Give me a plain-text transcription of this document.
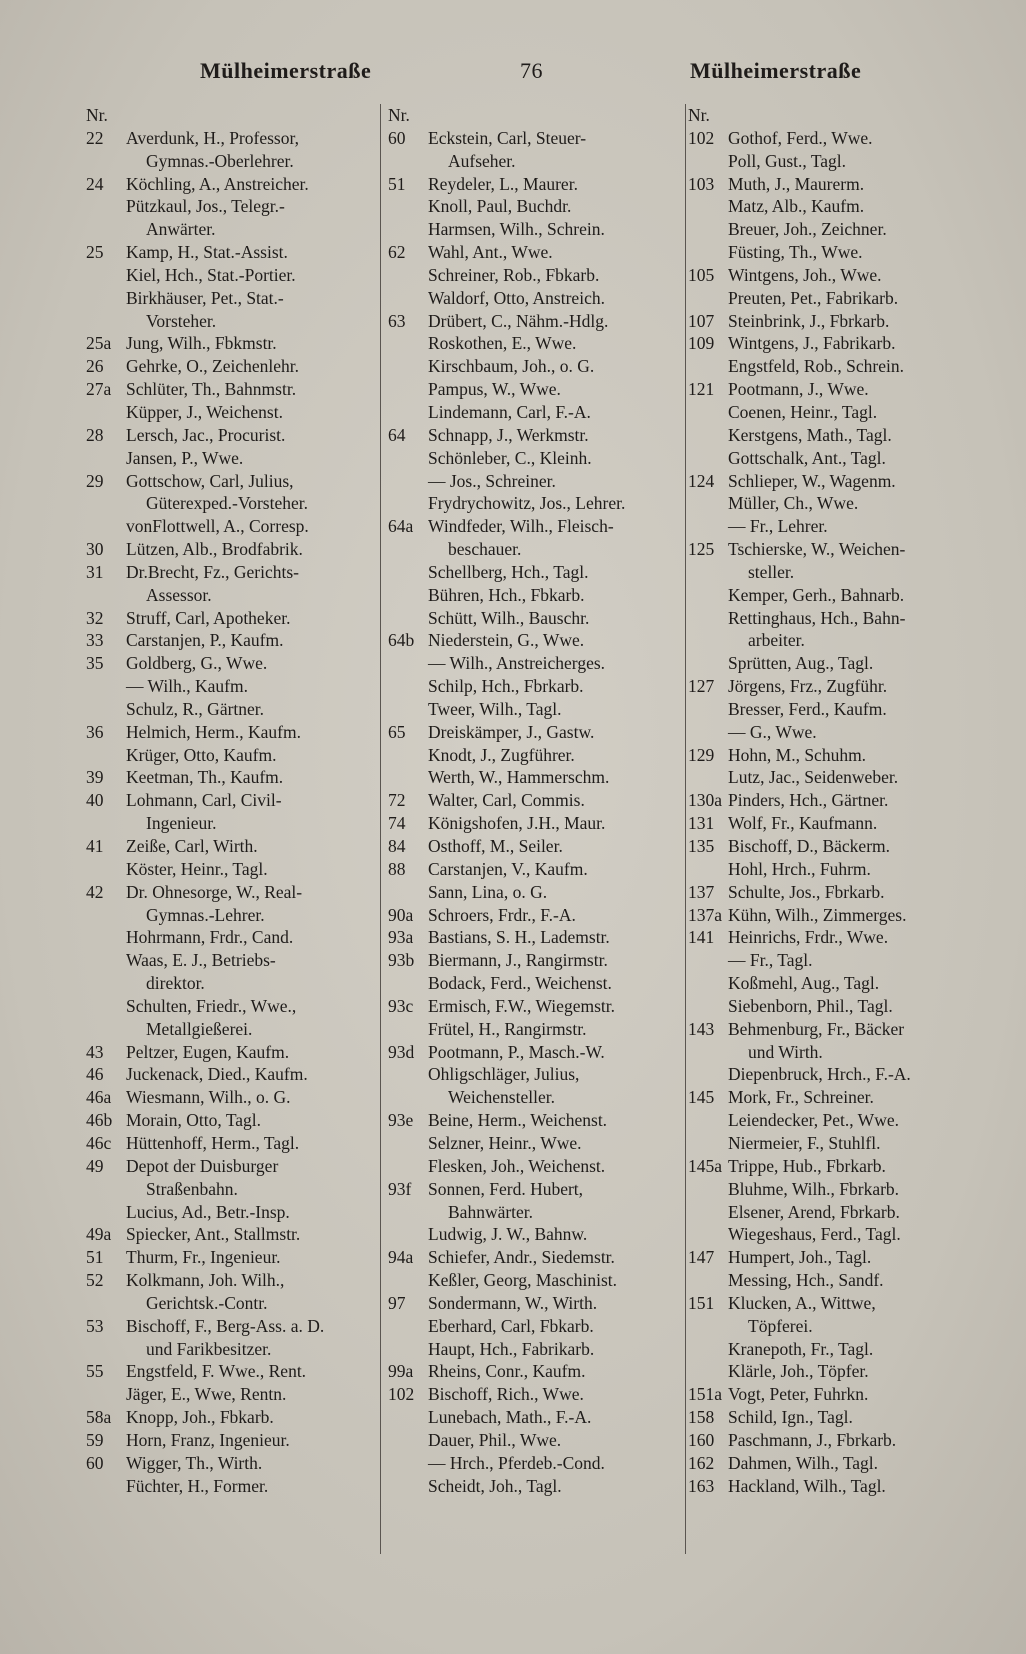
Mülheimerstraße	76	Mülheimerstraße
Nr.
22	Averdunk, H., Professor,
Gymnas.-Oberlehrer.
24	Köchling, A., Anstreicher.
Pützkaul, Jos., Telegr.-
Anwärter.
25	Kamp, H., Stat.-Assist.
Kiel, Hch., Stat.-Portier.
Birkhäuser, Pet., Stat.-
Vorsteher.
25a Jung, Wilh., Fbkmstr.
26	Gehrke, O., Zeichenlehr.
27a Schlüter, Th., Bahnmstr.
Küpper, J., Weichenst.
28	Lersch, Jac., Procurist.
Jansen, P., Wwe.
29	Gottschow, Carl, Julius,
Güterexped.-Vorsteher.
vonFlottwell, A., Corresp.
30	Lützen, Alb., Brodfabrik.
31	Dr.Brecht, Fz., Gerichts-
Assessor.
32	Struff, Carl, Apotheker.
33	Carstanjen, P., Kaufm.
35	Goldberg, G., Wwe.
— Wilh., Kaufm.
Schulz, R., Gärtner.
36	Helmich, Herm., Kaufm.
Krüger, Otto, Kaufm.
39	Keetman, Th., Kaufm.
40	Lohmann, Carl, Civil-
Ingenieur.
41	Zeiße, Carl, Wirth.
Köster, Heinr., Tagl.
42	Dr. Ohnesorge, W., Real-
Gymnas.-Lehrer.
Hohrmann, Frdr., Cand.
Waas, E. J., Betriebs-
direktor.
Schulten, Friedr., Wwe.,
Metallgießerei.
43	Peltzer, Eugen, Kaufm.
46	Juckenack, Died., Kaufm.
46a Wiesmann, Wilh., o. G.
46b Morain, Otto, Tagl.
46c Hüttenhoff, Herm., Tagl.
49	Depot der Duisburger
Straßenbahn.
Lucius, Ad., Betr.-Insp.
49a Spiecker, Ant., Stallmstr.
51	Thurm, Fr., Ingenieur.
52	Kolkmann, Joh. Wilh.,
Gerichtsk.-Contr.
53	Bischoff, F., Berg-Ass. a. D.
und Farikbesitzer.
55	Engstfeld, F. Wwe., Rent.
Jäger, E., Wwe, Rentn.
58a Knopp, Joh., Fbkarb.
59	Horn, Franz, Ingenieur.
60	Wigger, Th., Wirth.
Füchter, H., Former.
Nr.
60	Eckstein, Carl, Steuer-
Aufseher.
51	Reydeler, L., Maurer.
Knoll, Paul, Buchdr.
Harmsen, Wilh., Schrein.
62	Wahl, Ant., Wwe.
Schreiner, Rob., Fbkarb.
Waldorf, Otto, Anstreich.
63	Drübert, C., Nähm.-Hdlg.
Roskothen, E., Wwe.
Kirschbaum, Joh., o. G.
Pampus, W., Wwe.
Lindemann, Carl, F.-A.
64	Schnapp, J., Werkmstr.
Schönleber, C., Kleinh.
— Jos., Schreiner.
Frydrychowitz, Jos., Lehrer.
64a Windfeder, Wilh., Fleisch-
beschauer.
Schellberg, Hch., Tagl.
Bühren, Hch., Fbkarb.
Schütt, Wilh., Bauschr.
64b Niederstein, G., Wwe.
— Wilh., Anstreicherges.
Schilp, Hch., Fbrkarb.
Tweer, Wilh., Tagl.
65	Dreiskämper, J., Gastw.
Knodt, J., Zugführer.
Werth, W., Hammerschm.
72	Walter, Carl, Commis.
74	Königshofen, J.H., Maur.
84	Osthoff, M., Seiler.
88	Carstanjen, V., Kaufm.
Sann, Lina, o. G.
90a Schroers, Frdr., F.-A.
93a Bastians, S. H., Lademstr.
93b Biermann, J., Rangirmstr.
Bodack, Ferd., Weichenst.
93c Ermisch, F.W., Wiegemstr.
Frütel, H., Rangirmstr.
93d Pootmann, P., Masch.-W.
Ohligschläger, Julius,
Weichensteller.
93e Beine, Herm., Weichenst.
Selzner, Heinr., Wwe.
Flesken, Joh., Weichenst.
93f Sonnen, Ferd. Hubert,
Bahnwärter.
Ludwig, J. W., Bahnw.
94a Schiefer, Andr., Siedemstr.
Keßler, Georg, Maschinist.
97	Sondermann, W., Wirth.
Eberhard, Carl, Fbkarb.
Haupt, Hch., Fabrikarb.
99a Rheins, Conr., Kaufm.
102 Bischoff, Rich., Wwe.
Lunebach, Math., F.-A.
Dauer, Phil., Wwe.
— Hrch., Pferdeb.-Cond.
Scheidt, Joh., Tagl.
Nr.
102 Gothof, Ferd., Wwe.
Poll, Gust., Tagl.
103 Muth, J., Maurerm.
Matz, Alb., Kaufm.
Breuer, Joh., Zeichner.
Füsting, Th., Wwe.
105 Wintgens, Joh., Wwe.
Preuten, Pet., Fabrikarb.
107 Steinbrink, J., Fbrkarb.
109 Wintgens, J., Fabrikarb.
Engstfeld, Rob., Schrein.
121 Pootmann, J., Wwe.
Coenen, Heinr., Tagl.
Kerstgens, Math., Tagl.
Gottschalk, Ant., Tagl.
124 Schlieper, W., Wagenm.
Müller, Ch., Wwe.
— Fr., Lehrer.
125 Tschierske, W., Weichen-
steller.
Kemper, Gerh., Bahnarb.
Rettinghaus, Hch., Bahn-
arbeiter.
Sprütten, Aug., Tagl.
127 Jörgens, Frz., Zugführ.
Bresser, Ferd., Kaufm.
— G., Wwe.
129 Hohn, M., Schuhm.
Lutz, Jac., Seidenweber.
130a Pinders, Hch., Gärtner.
131 Wolf, Fr., Kaufmann.
135 Bischoff, D., Bäckerm.
Hohl, Hrch., Fuhrm.
137 Schulte, Jos., Fbrkarb.
137a Kühn, Wilh., Zimmerges.
141 Heinrichs, Frdr., Wwe.
— Fr., Tagl.
Koßmehl, Aug., Tagl.
Siebenborn, Phil., Tagl.
143 Behmenburg, Fr., Bäcker
und Wirth.
Diepenbruck, Hrch., F.-A.
145 Mork, Fr., Schreiner.
Leiendecker, Pet., Wwe.
Niermeier, F., Stuhlfl.
145a Trippe, Hub., Fbrkarb.
Bluhme, Wilh., Fbrkarb.
Elsener, Arend, Fbrkarb.
Wiegeshaus, Ferd., Tagl.
147 Humpert, Joh., Tagl.
Messing, Hch., Sandf.
151 Klucken, A., Wittwe,
Töpferei.
Kranepoth, Fr., Tagl.
Klärle, Joh., Töpfer.
151a Vogt, Peter, Fuhrkn.
158 Schild, Ign., Tagl.
160 Paschmann, J., Fbrkarb.
162 Dahmen, Wilh., Tagl.
163 Hackland, Wilh., Tagl.
